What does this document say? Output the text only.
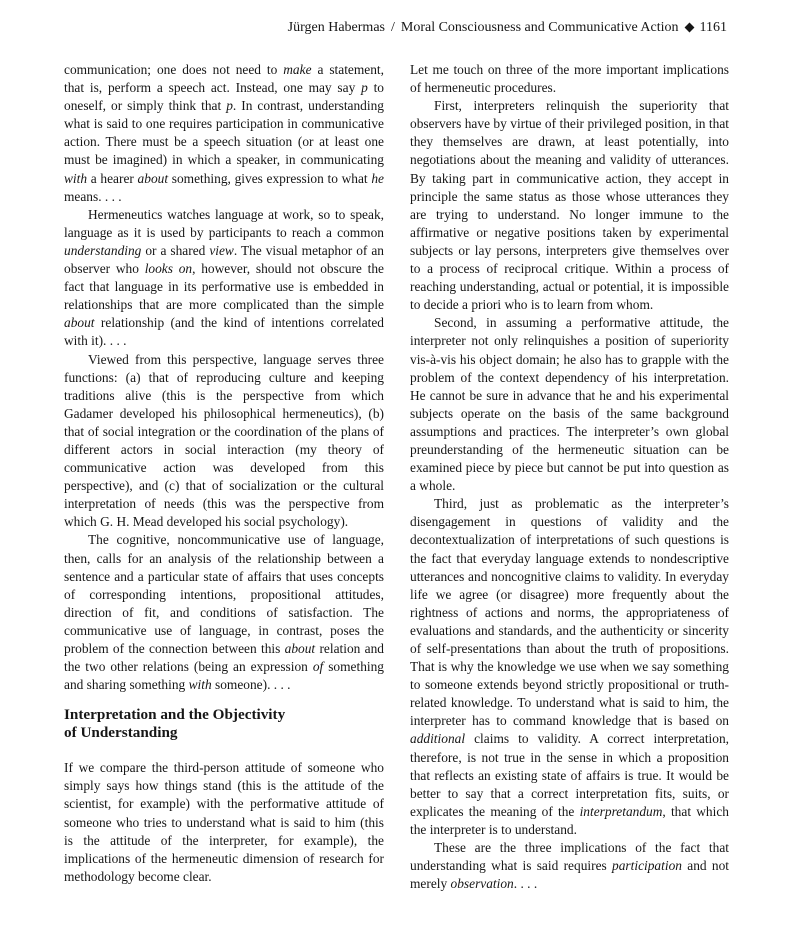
Jürgen Habermas / Moral Consciousness and Communicative Action 1161

communication; one does not need to make a statement, that is, perform a speech act. Instead, one may say p to oneself, or simply think that p. In contrast, understanding what is said to one requires participation in communicative action. There must be a speech situation (or at least one must be imagined) in which a speaker, in communicating with a hearer about something, gives expression to what he means. . . .

Hermeneutics watches language at work, so to speak, language as it is used by participants to reach a common understanding or a shared view. The visual metaphor of an observer who looks on, however, should not obscure the fact that language in its performative use is embedded in relationships that are more complicated than the simple about relationship (and the kind of intentions correlated with it). . . .

Viewed from this perspective, language serves three functions: (a) that of reproducing culture and keeping traditions alive (this is the perspective from which Gadamer developed his philosophical hermeneutics), (b) that of social integration or the coordination of the plans of different actors in social interaction (my theory of communicative action was developed from this perspective), and (c) that of socialization or the cultural interpretation of needs (this was the perspective from which G. H. Mead developed his social psychology).

The cognitive, noncommunicative use of language, then, calls for an analysis of the relationship between a sentence and a particular state of affairs that uses concepts of corresponding intentions, propositional attitudes, direction of fit, and conditions of satisfaction. The communicative use of language, in contrast, poses the problem of the connection between this about relation and the two other relations (being an expression of something and sharing something with someone). . . .

Interpretation and the Objectivity
of Understanding

If we compare the third-person attitude of someone who simply says how things stand (this is the attitude of the scientist, for example) with the performative attitude of someone who tries to understand what is said to him (this is the attitude of the interpreter, for example), the implications of the hermeneutic dimension of research for methodology become clear.

Let me touch on three of the more important implications of hermeneutic procedures.

First, interpreters relinquish the superiority that observers have by virtue of their privileged position, in that they themselves are drawn, at least potentially, into negotiations about the meaning and validity of utterances. By taking part in communicative action, they accept in principle the same status as those whose utterances they are trying to understand. No longer immune to the affirmative or negative positions taken by experimental subjects or lay persons, interpreters give themselves over to a process of reciprocal critique. Within a process of reaching understanding, actual or potential, it is impossible to decide a priori who is to learn from whom.

Second, in assuming a performative attitude, the interpreter not only relinquishes a position of superiority vis-à-vis his object domain; he also has to grapple with the problem of the context dependency of his interpretation. He cannot be sure in advance that he and his experimental subjects operate on the basis of the same background assumptions and practices. The interpreter’s own global preunderstanding of the hermeneutic situation can be examined piece by piece but cannot be put into question as a whole.

Third, just as problematic as the interpreter’s disengagement in questions of validity and the decontextualization of interpretations of such questions is the fact that everyday language extends to nondescriptive utterances and noncognitive claims to validity. In everyday life we agree (or disagree) more frequently about the rightness of actions and norms, the appropriateness of evaluations and standards, and the authenticity or sincerity of self-presentations than about the truth of propositions. That is why the knowledge we use when we say something to someone extends beyond strictly propositional or truth-related knowledge. To understand what is said to him, the interpreter has to command knowledge that is based on additional claims to validity. A correct interpretation, therefore, is not true in the sense in which a proposition that reflects an existing state of affairs is true. It would be better to say that a correct interpretation fits, suits, or explicates the meaning of the interpretandum, that which the interpreter is to understand.

These are the three implications of the fact that understanding what is said requires participation and not merely observation. . . .
